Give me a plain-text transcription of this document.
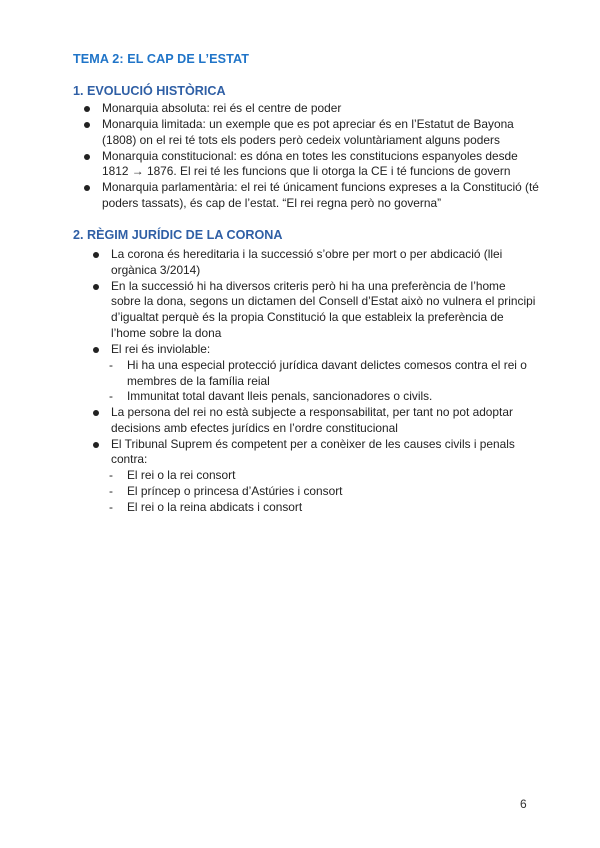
TEMA 2: EL CAP DE L’ESTAT
1. EVOLUCIÓ HISTÒRICA
Monarquia absoluta: rei és el centre de poder
Monarquia limitada: un exemple que es pot apreciar és en l’Estatut de Bayona (1808) on el rei té tots els poders però cedeix voluntàriament alguns poders
Monarquia constitucional: es dóna en totes les constitucions espanyoles desde 1812 → 1876. El rei té les funcions que li otorga la CE i té funcions de govern
Monarquia parlamentària: el rei té únicament funcions expreses a la Constitució (té poders tassats), és cap de l’estat. “El rei regna però no governa”
2. RÈGIM JURÍDIC DE LA CORONA
La corona és hereditaria i la successió s’obre per mort o per abdicació (llei orgànica 3/2014)
En la successió hi ha diversos criteris però hi ha una preferència de l’home sobre la dona, segons un dictamen del Consell d’Estat això no vulnera el principi d’igualtat perquè és la propia Constitució la que estableix la preferència de l’home sobre la dona
El rei és inviolable:
- Hi ha una especial protecció jurídica davant delictes comesos contra el rei o membres de la família reial
- Immunitat total davant lleis penals, sancionadores o civils.
La persona del rei no està subjecte a responsabilitat, per tant no pot adoptar decisions amb efectes jurídics en l’ordre constitucional
El Tribunal Suprem és competent per a conèixer de les causes civils i penals contra:
- El rei o la rei consort
- El príncep o princesa d’Astúries i consort
- El rei o la reina abdicats i consort
6
